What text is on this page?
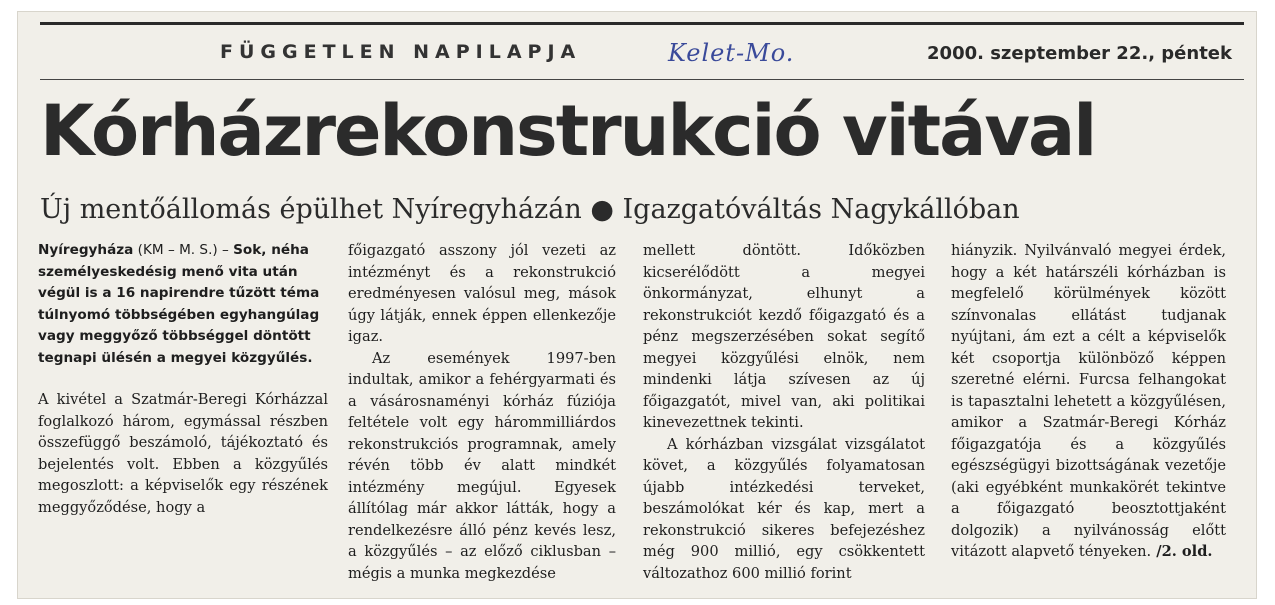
FÜGGETLEN NAPILAPJA	Kelet-Mo.	2000. szeptember 22., péntek
Kórházrekonstrukció vitával
Új mentőállomás épülhet Nyíregyházán ● Igazgatóváltás Nagykállóban

Nyíregyháza (KM – M. S.) – Sok, néha személyeskedésig menő vita után végül is a 16 napirendre tűzött téma túlnyomó többségében egyhangúlag vagy meggyőző többséggel döntött tegnapi ülésén a megyei közgyűlés.

A kivétel a Szatmár-Beregi Kórházzal foglalkozó három, egymással részben összefüggő beszámoló, tájékoztató és bejelentés volt. Ebben a közgyűlés megoszlott: a képviselők egy részének meggyőződése, hogy a

főigazgató asszony jól vezeti az intézményt és a rekonstrukció eredményesen valósul meg, mások úgy látják, ennek éppen ellenkezője igaz.

Az események 1997-ben indultak, amikor a fehérgyarmati és a vásárosnaményi kórház fúziója feltétele volt egy hárommilliárdos rekonstrukciós programnak, amely révén több év alatt mindkét intézmény megújul. Egyesek állítólag már akkor látták, hogy a rendelkezésre álló pénz kevés lesz, a közgyűlés – az előző ciklusban – mégis a munka megkezdése

mellett döntött. Időközben kicserélődött a megyei önkormányzat, elhunyt a rekonstrukciót kezdő főigazgató és a pénz megszerzésében sokat segítő megyei közgyűlési elnök, nem mindenki látja szívesen az új főigazgatót, mivel van, aki politikai kinevezettnek tekinti.

A kórházban vizsgálat vizsgálatot követ, a közgyűlés folyamatosan újabb intézkedési terveket, beszámolókat kér és kap, mert a rekonstrukció sikeres befejezéshez még 900 millió, egy csökkentett változathoz 600 millió forint

hiányzik. Nyilvánvaló megyei érdek, hogy a két határszéli kórházban is megfelelő körülmények között színvonalas ellátást tudjanak nyújtani, ám ezt a célt a képviselők két csoportja különböző képpen szeretné elérni. Furcsa felhangokat is tapasztalni lehetett a közgyűlésen, amikor a Szatmár-Beregi Kórház főigazgatója és a közgyűlés egészségügyi bizottságának vezetője (aki egyébként munkakörét tekintve a főigazgató beosztottjaként dolgozik) a nyilvánosság előtt vitázott alapvető tényeken. /2. old.
